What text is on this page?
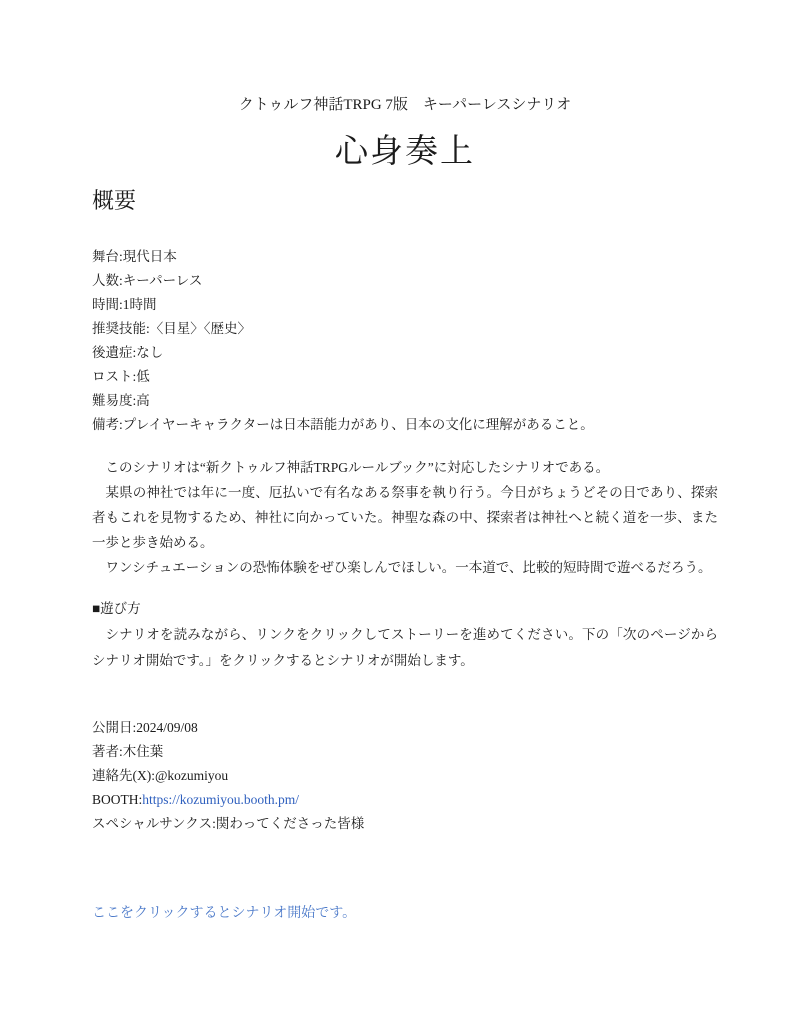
クトゥルフ神話TRPG 7版　キーパーレスシナリオ
心身奏上
概要
舞台:現代日本
人数:キーパーレス
時間:1時間
推奨技能:〈目星〉〈歴史〉
後遺症:なし
ロスト:低
難易度:高
備考:プレイヤーキャラクターは日本語能力があり、日本の文化に理解があること。

このシナリオは“新クトゥルフ神話TRPGルールブック”に対応したシナリオである。

某県の神社では年に一度、厄払いで有名なある祭事を執り行う。今日がちょうどその日であり、探索者もこれを見物するため、神社に向かっていた。神聖な森の中、探索者は神社へと続く道を一歩、また一歩と歩き始める。

ワンシチュエーションの恐怖体験をぜひ楽しんでほしい。一本道で、比較的短時間で遊べるだろう。

■遊び方

シナリオを読みながら、リンクをクリックしてストーリーを進めてください。下の「次のページからシナリオ開始です。」をクリックするとシナリオが開始します。

公開日:2024/09/08
著者:木住葉
連絡先(X):@kozumiyou
BOOTH:https://kozumiyou.booth.pm/
スペシャルサンクス:関わってくださった皆様
ここをクリックするとシナリオ開始です。
